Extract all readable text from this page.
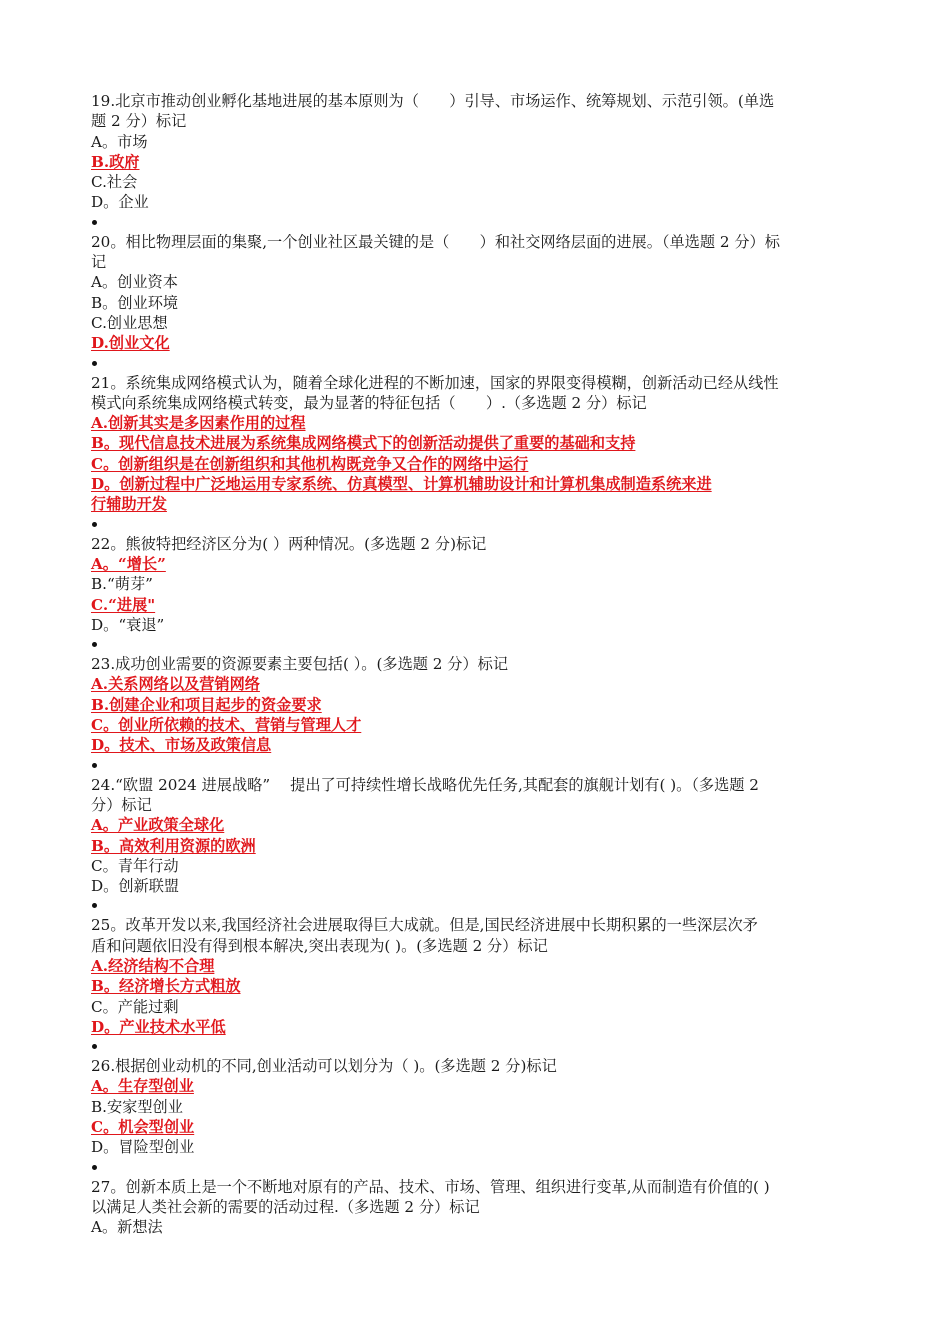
19.北京市推动创业孵化基地进展的基本原则为（　　）引导、市场运作、统筹规划、示范引领。(单选
题 2 分）标记
A。市场
B.政府
C.社会
D。企业
20。相比物理层面的集聚,一个创业社区最关键的是（　　）和社交网络层面的进展。（单选题 2 分）标
记
A。创业资本
B。创业环境
C.创业思想
D.创业文化
21。系统集成网络模式认为，随着全球化进程的不断加速，国家的界限变得模糊，创新活动已经从线性
模式向系统集成网络模式转变，最为显著的特征包括（　　）.（多选题 2 分）标记
A.创新其实是多因素作用的过程
B。现代信息技术进展为系统集成网络模式下的创新活动提供了重要的基础和支持
C。创新组织是在创新组织和其他机构既竞争又合作的网络中运行
D。创新过程中广泛地运用专家系统、仿真模型、计算机辅助设计和计算机集成制造系统来进
行辅助开发
22。熊彼特把经济区分为( ）两种情况。(多选题 2 分)标记
A。“增长”
B.“萌芽”
C.“进展"
D。“衰退”
23.成功创业需要的资源要素主要包括( ）。(多选题 2 分）标记
A.关系网络以及营销网络
B.创建企业和项目起步的资金要求
C。创业所依赖的技术、营销与管理人才
D。技术、市场及政策信息
24.“欧盟 2024 进展战略”　 提出了可持续性增长战略优先任务,其配套的旗舰计划有( )。（多选题 2
分）标记
A。产业政策全球化
B。高效利用资源的欧洲
C。青年行动
D。创新联盟
25。改革开发以来,我国经济社会进展取得巨大成就。但是,国民经济进展中长期积累的一些深层次矛
盾和问题依旧没有得到根本解决,突出表现为( )。(多选题 2 分）标记
A.经济结构不合理
B。经济增长方式粗放
C。产能过剩
D。产业技术水平低
26.根据创业动机的不同,创业活动可以划分为（ )。(多选题 2 分)标记
A。生存型创业
B.安家型创业
C。机会型创业
D。冒险型创业
27。创新本质上是一个不断地对原有的产品、技术、市场、管理、组织进行变革,从而制造有价值的( )
以满足人类社会新的需要的活动过程.（多选题 2 分）标记
A。新想法
